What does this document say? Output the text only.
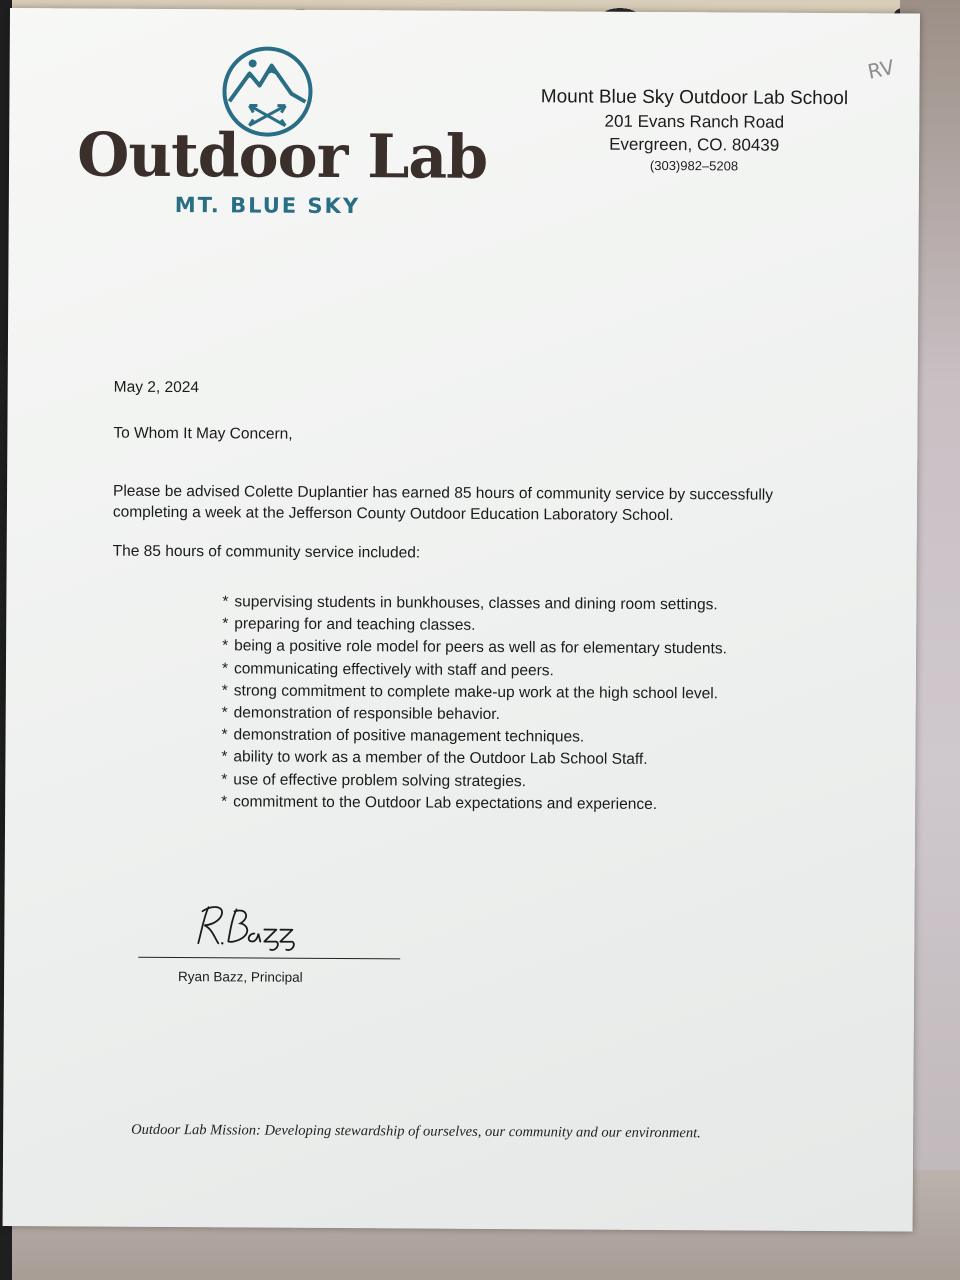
Outdoor Lab
MT. BLUE SKY
Mount Blue Sky Outdoor Lab School
201 Evans Ranch Road
Evergreen, CO. 80439
(303)982–5208
RV
May 2, 2024
To Whom It May Concern,
Please be advised Colette Duplantier has earned 85 hours of community service by successfully completing a week at the Jefferson County Outdoor Education Laboratory School.
The 85 hours of community service included:
* supervising students in bunkhouses, classes and dining room settings.
* preparing for and teaching classes.
* being a positive role model for peers as well as for elementary students.
* communicating effectively with staff and peers.
* strong commitment to complete make-up work at the high school level.
* demonstration of responsible behavior.
* demonstration of positive management techniques.
* ability to work as a member of the Outdoor Lab School Staff.
* use of effective problem solving strategies.
* commitment to the Outdoor Lab expectations and experience.
Ryan Bazz, Principal
Outdoor Lab Mission: Developing stewardship of ourselves, our community and our environment.
